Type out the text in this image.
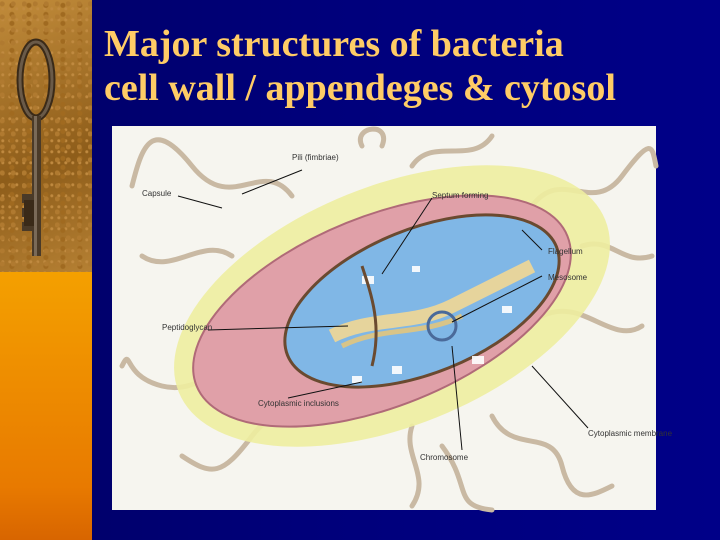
Major structures of bacteria
cell wall / appendeges & cytosol
Pili (fimbriae)
Capsule	Septum forming
Flagellum
Mesosome
Peptidoglycan
Cytoplasmic inclusions
Cytoplasmic membrane
Chromosome
